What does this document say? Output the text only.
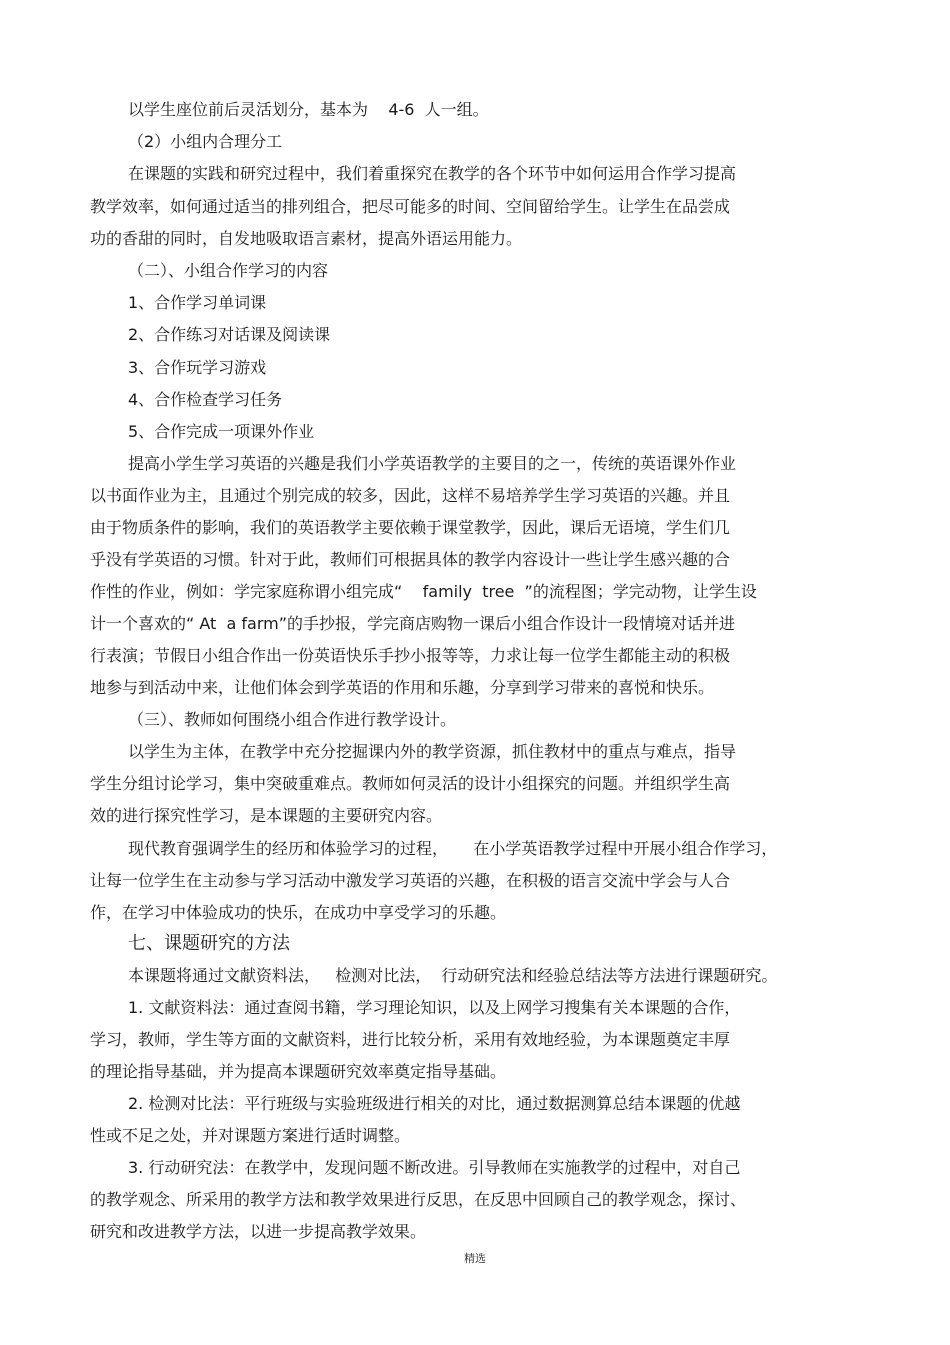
以学生座位前后灵活划分，基本为    4-6  人一组。
（2）小组内合理分工
在课题的实践和研究过程中，我们着重探究在教学的各个环节中如何运用合作学习提高
教学效率，如何通过适当的排列组合，把尽可能多的时间、空间留给学生。让学生在品尝成
功的香甜的同时，自发地吸取语言素材，提高外语运用能力。
（二）、小组合作学习的内容
1、合作学习单词课
2、合作练习对话课及阅读课
3、合作玩学习游戏
4、合作检查学习任务
5、合作完成一项课外作业
提高小学生学习英语的兴趣是我们小学英语教学的主要目的之一，传统的英语课外作业
以书面作业为主，且通过个别完成的较多，因此，这样不易培养学生学习英语的兴趣。并且
由于物质条件的影响，我们的英语教学主要依赖于课堂教学，因此，课后无语境，学生们几
乎没有学英语的习惯。针对于此，教师们可根据具体的教学内容设计一些让学生感兴趣的合
作性的作业，例如：学完家庭称谓小组完成“    family  tree  ”的流程图；学完动物，让学生设
计一个喜欢的“ At  a farm”的手抄报，学完商店购物一课后小组合作设计一段情境对话并进
行表演；节假日小组合作出一份英语快乐手抄小报等等，力求让每一位学生都能主动的积极
地参与到活动中来，让他们体会到学英语的作用和乐趣，分享到学习带来的喜悦和快乐。
（三）、教师如何围绕小组合作进行教学设计。
以学生为主体，在教学中充分挖掘课内外的教学资源，抓住教材中的重点与难点，指导
学生分组讨论学习，集中突破重难点。教师如何灵活的设计小组探究的问题。并组织学生高
效的进行探究性学习，是本课题的主要研究内容。
现代教育强调学生的经历和体验学习的过程，     在小学英语教学过程中开展小组合作学习，
让每一位学生在主动参与学习活动中激发学习英语的兴趣，在积极的语言交流中学会与人合
作，在学习中体验成功的快乐，在成功中享受学习的乐趣。
七、课题研究的方法
本课题将通过文献资料法，   检测对比法，  行动研究法和经验总结法等方法进行课题研究。
1. 文献资料法：通过查阅书籍，学习理论知识，以及上网学习搜集有关本课题的合作，
学习，教师，学生等方面的文献资料，进行比较分析，采用有效地经验，为本课题奠定丰厚
的理论指导基础，并为提高本课题研究效率奠定指导基础。
2. 检测对比法：平行班级与实验班级进行相关的对比，通过数据测算总结本课题的优越
性或不足之处，并对课题方案进行适时调整。
3. 行动研究法：在教学中，发现问题不断改进。引导教师在实施教学的过程中，对自己
的教学观念、所采用的教学方法和教学效果进行反思，在反思中回顾自己的教学观念，探讨、
研究和改进教学方法，以进一步提高教学效果。
精选
